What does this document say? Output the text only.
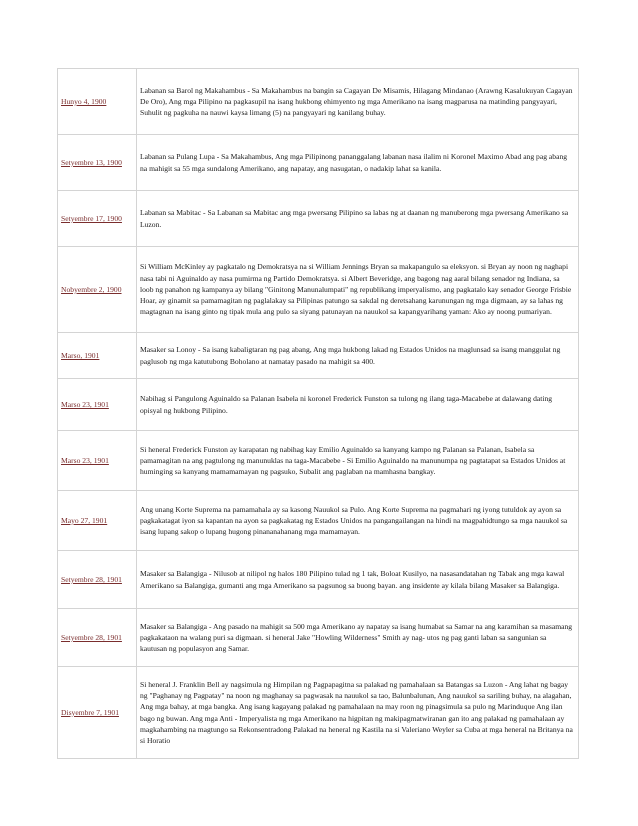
Hunyo 4, 1900	Labanan sa Barol ng Makahambus - Sa Makahambus na bangin sa Cagayan De Misamis, Hilagang Mindanao (Arawng Kasalukuyan Cagayan De Oro), Ang mga Pilipino na pagkasupil na isang hukbong ehimyento ng mga Amerikano na isang magparusa na matinding pangyayari, Suhulit ng pagkuha na nauwi kaysa limang (5) na pangyayari ng kanilang buhay.

Setyembre 13, 1900	Labanan sa Pulang Lupa - Sa Makahambus, Ang mga Pilipinong pananggalang labanan nasa ilalim ni Koronel Maximo Abad ang pag abang na mahigit sa 55 mga sundalong Amerikano, ang napatay, ang nasugatan, o nadakip lahat sa kanila.

Setyembre 17, 1900	Labanan sa Mabitac - Sa Labanan sa Mabitac ang mga pwersang Pilipino sa labas ng at daanan ng manuberong mga pwersang Amerikano sa Luzon.

Nobyembre 2, 1900	Si William McKinley ay pagkatalo ng Demokratsya na si William Jennings Bryan sa makapangulo sa eleksyon. si Bryan ay noon ng naghapi nasa tabi ni Aguinaldo ay nasa pumirma ng Partido Demokratsya. si Albert Beveridge, ang bagong nag aaral bilang senador ng Indiana, sa loob ng panahon ng kampanya ay bilang "Ginitong Manunalumpati" ng republikang imperyalismo, ang pagkatalo kay senador George Frisbie Hoar, ay ginamit sa pamamagitan ng paglalakay sa Pilipinas patungo sa sakdal ng deretsahang karunungan ng mga digmaan, ay sa lahas ng magtagnan na isang ginto ng tipak mula ang pulo sa siyang patunayan na nauukol sa kapangyarihang yaman: Ako ay noong pumariyan.

Marso, 1901	Masaker sa Lonoy - Sa isang kabaligtaran ng pag abang, Ang mga hukbong lakad ng Estados Unidos na maglunsad sa isang manggulat ng paglusob ng mga katutubong Boholano at namatay pasado na mahigit sa 400.

Marso 23, 1901	Nabihag si Pangulong Aguinaldo sa Palanan Isabela ni koronel Frederick Funston sa tulong ng ilang taga-Macabebe at dalawang dating opisyal ng hukbong Pilipino.

Marso 23, 1901	Si heneral Frederick Funston ay karapatan ng nabihag kay Emilio Aguinaldo sa kanyang kampo ng Palanan sa Palanan, Isabela sa pamamagitan na ang pagtulong ng manunuklas na taga-Macabebe - Si Emilio Aguinaldo na manunumpa ng pagtatapat sa Estados Unidos at huminging sa kanyang mamamamayan ng pagsuko, Subalit ang paglaban na mamhasna bangkay.

Mayo 27, 1901	Ang unang Korte Suprema na pamamahala ay sa kasong Nauukol sa Pulo. Ang Korte Suprema na pagmahari ng iyong tutuldok ay ayon sa pagkakatagat iyon sa kapantan na ayon sa pagkakatag ng Estados Unidos na pangangailangan na hindi na magpahidtungo sa mga nauukol sa isang lupang sakop o lupang hugong pinananahanang mga mamamayan.

Setyembre 28, 1901	Masaker sa Balangiga - Nilusob at nilipol ng halos 180 Pilipino tulad ng 1 tak, Boloat Kusilyo, na nasasandatahan ng Tabak ang mga kawal Amerikano sa Balangiga, gumanti ang mga Amerikano sa pagsunog sa buong bayan. ang insidente ay kilala bilang Masaker sa Balangiga.

Setyembre 28, 1901	Masaker sa Balangiga - Ang pasado na mahigit sa 500 mga Amerikano ay napatay sa isang humabat sa Samar na ang karamihan sa masamang pagkakataon na walang puri sa digmaan. si heneral Jake "Howling Wilderness" Smith ay nag- utos ng pag ganti laban sa sangunian sa kautusan ng populasyon ang Samar.

Disyembre 7, 1901	Si heneral J. Franklin Bell ay nagsimula ng Himpilan ng Pagpapagitna sa palakad ng pamahalaan sa Batangas sa Luzon - Ang lahat ng bagay ng "Paghanay ng Pagpatay" na noon ng maghanay sa pagwasak na nauukol sa tao, Balunbalunan, Ang nauukol sa sariling buhay, na alagahan, Ang mga bahay, at mga bangka. Ang isang kagayang palakad ng pamahalaan na may roon ng pinagsimula sa pulo ng Marinduque Ang ilan bago ng buwan. Ang mga Anti - Imperyalista ng mga Amerikano na higpitan ng makipagmatwiranan gan ito ang palakad ng pamahalaan ay magkahambing na magtungo sa Rekonsentradong Palakad na heneral ng Kastila na si Valeriano Weyler sa Cuba at mga heneral na Britanya na si Horatio
